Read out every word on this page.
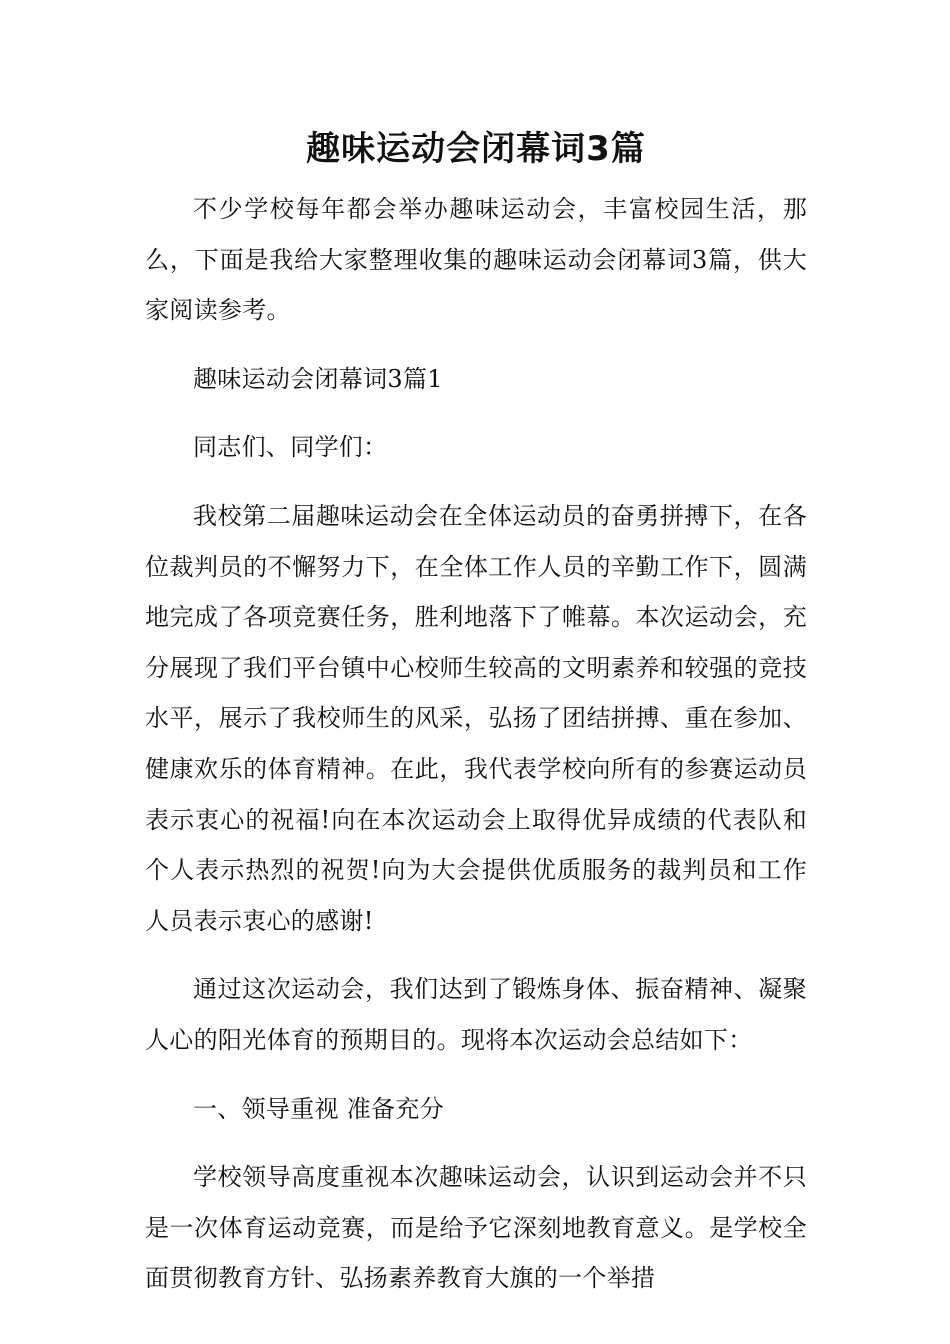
趣味运动会闭幕词3篇

不少学校每年都会举办趣味运动会，丰富校园生活，那么，下面是我给大家整理收集的趣味运动会闭幕词3篇，供大家阅读参考。

趣味运动会闭幕词3篇1

同志们、同学们：

我校第二届趣味运动会在全体运动员的奋勇拼搏下，在各位裁判员的不懈努力下，在全体工作人员的辛勤工作下，圆满地完成了各项竞赛任务，胜利地落下了帷幕。本次运动会，充分展现了我们平台镇中心校师生较高的文明素养和较强的竞技水平，展示了我校师生的风采，弘扬了团结拼搏、重在参加、健康欢乐的体育精神。在此，我代表学校向所有的参赛运动员表示衷心的祝福!向在本次运动会上取得优异成绩的代表队和个人表示热烈的祝贺!向为大会提供优质服务的裁判员和工作人员表示衷心的感谢!

通过这次运动会，我们达到了锻炼身体、振奋精神、凝聚人心的阳光体育的预期目的。现将本次运动会总结如下：

一、领导重视 准备充分

学校领导高度重视本次趣味运动会，认识到运动会并不只是一次体育运动竞赛，而是给予它深刻地教育意义。是学校全面贯彻教育方针、弘扬素养教育大旗的一个举措
